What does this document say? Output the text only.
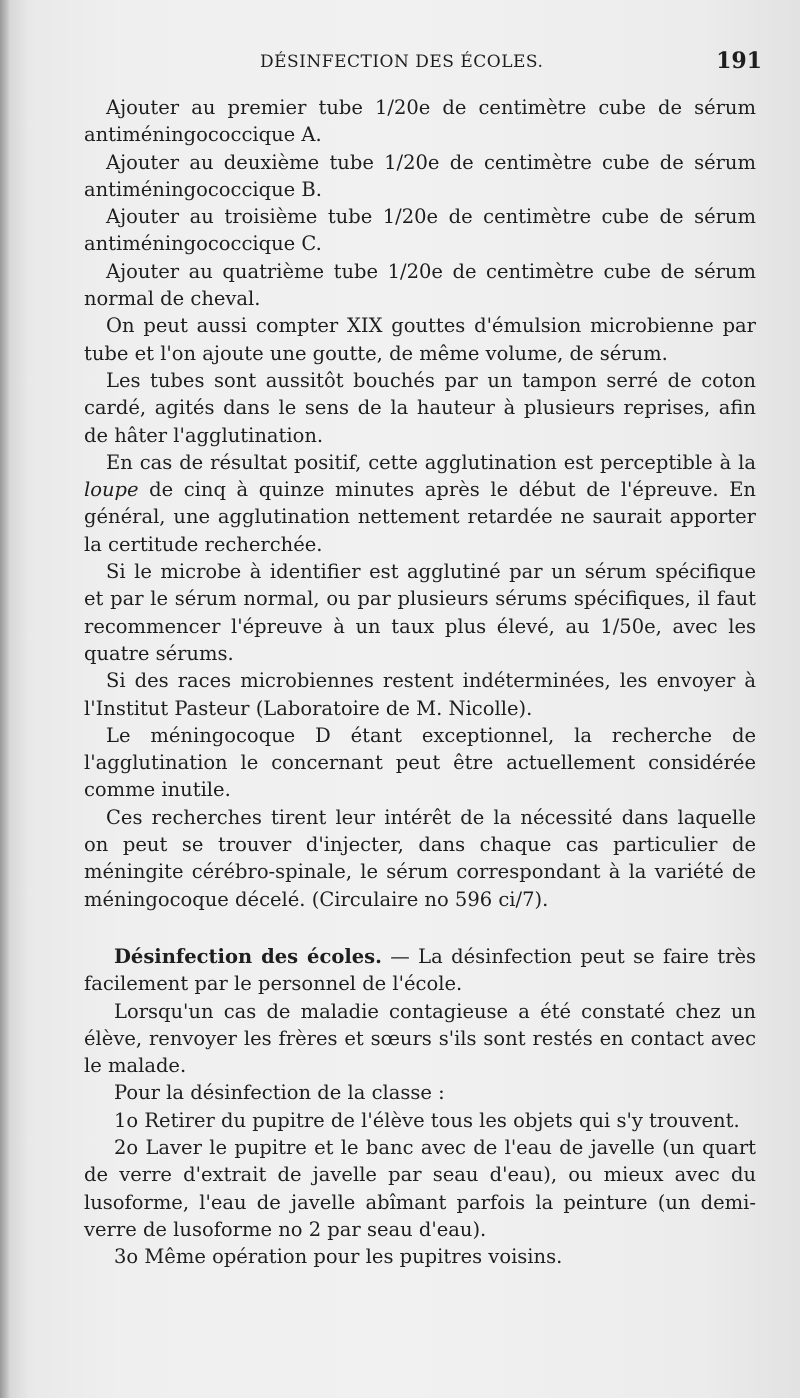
DÉSINFECTION DES ÉCOLES.	191

Ajouter au premier tube 1/20e de centimètre cube de sérum antiméningococcique A.

Ajouter au deuxième tube 1/20e de centimètre cube de sérum antiméningococcique B.

Ajouter au troisième tube 1/20e de centimètre cube de sérum antiméningococcique C.

Ajouter au quatrième tube 1/20e de centimètre cube de sérum normal de cheval.

On peut aussi compter XIX gouttes d'émulsion microbienne par tube et l'on ajoute une goutte, de même volume, de sérum.

Les tubes sont aussitôt bouchés par un tampon serré de coton cardé, agités dans le sens de la hauteur à plusieurs reprises, afin de hâter l'agglutination.

En cas de résultat positif, cette agglutination est perceptible à la loupe de cinq à quinze minutes après le début de l'épreuve. En général, une agglutination nettement retardée ne saurait apporter la certitude recherchée.

Si le microbe à identifier est agglutiné par un sérum spécifique et par le sérum normal, ou par plusieurs sérums spécifiques, il faut recommencer l'épreuve à un taux plus élevé, au 1/50e, avec les quatre sérums.

Si des races microbiennes restent indéterminées, les envoyer à l'Institut Pasteur (Laboratoire de M. Nicolle).

Le méningocoque D étant exceptionnel, la recherche de l'agglutination le concernant peut être actuellement considérée comme inutile.

Ces recherches tirent leur intérêt de la nécessité dans laquelle on peut se trouver d'injecter, dans chaque cas particulier de méningite cérébro-spinale, le sérum correspondant à la variété de méningocoque décelé. (Circulaire no 596 ci/7).

Désinfection des écoles. — La désinfection peut se faire très facilement par le personnel de l'école.

Lorsqu'un cas de maladie contagieuse a été constaté chez un élève, renvoyer les frères et sœurs s'ils sont restés en contact avec le malade.

Pour la désinfection de la classe :

1o Retirer du pupitre de l'élève tous les objets qui s'y trouvent.

2o Laver le pupitre et le banc avec de l'eau de javelle (un quart de verre d'extrait de javelle par seau d'eau), ou mieux avec du lusoforme, l'eau de javelle abîmant parfois la peinture (un demi-verre de lusoforme no 2 par seau d'eau).

3o Même opération pour les pupitres voisins.
